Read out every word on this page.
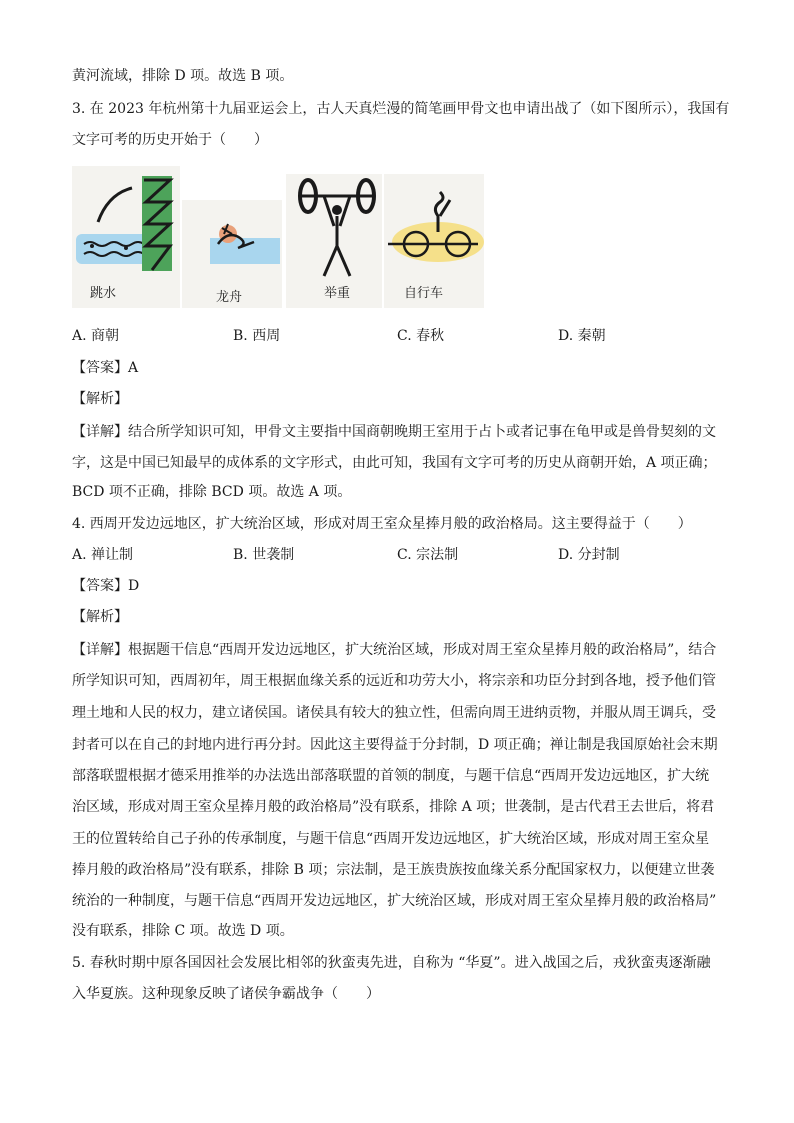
黄河流域，排除 D 项。故选 B 项。
3. 在 2023 年杭州第十九届亚运会上，古人天真烂漫的简笔画甲骨文也申请出战了（如下图所示），我国有
文字可考的历史开始于（　　）
跳水	龙舟	举重	自行车
A. 商朝	B. 西周	C. 春秋	D. 秦朝
【答案】A
【解析】
【详解】结合所学知识可知，甲骨文主要指中国商朝晚期王室用于占卜或者记事在龟甲或是兽骨契刻的文
字，这是中国已知最早的成体系的文字形式，由此可知，我国有文字可考的历史从商朝开始，A 项正确；
BCD 项不正确，排除 BCD 项。故选 A 项。
4. 西周开发边远地区，扩大统治区域，形成对周王室众星捧月般的政治格局。这主要得益于（　　）
A. 禅让制	B. 世袭制	C. 宗法制	D. 分封制
【答案】D
【解析】
【详解】根据题干信息“西周开发边远地区，扩大统治区域，形成对周王室众星捧月般的政治格局”，结合
所学知识可知，西周初年，周王根据血缘关系的远近和功劳大小，将宗亲和功臣分封到各地，授予他们管
理土地和人民的权力，建立诸侯国。诸侯具有较大的独立性，但需向周王进纳贡物，并服从周王调兵，受
封者可以在自己的封地内进行再分封。因此这主要得益于分封制，D 项正确；禅让制是我国原始社会末期
部落联盟根据才德采用推举的办法选出部落联盟的首领的制度，与题干信息“西周开发边远地区，扩大统
治区域，形成对周王室众星捧月般的政治格局”没有联系，排除 A 项；世袭制，是古代君王去世后，将君
王的位置转给自己子孙的传承制度，与题干信息“西周开发边远地区，扩大统治区域，形成对周王室众星
捧月般的政治格局”没有联系，排除 B 项；宗法制，是王族贵族按血缘关系分配国家权力，以便建立世袭
统治的一种制度，与题干信息“西周开发边远地区，扩大统治区域，形成对周王室众星捧月般的政治格局”
没有联系，排除 C 项。故选 D 项。
5. 春秋时期中原各国因社会发展比相邻的狄蛮夷先进，自称为 “华夏”。进入战国之后，戎狄蛮夷逐渐融
入华夏族。这种现象反映了诸侯争霸战争（　　）
